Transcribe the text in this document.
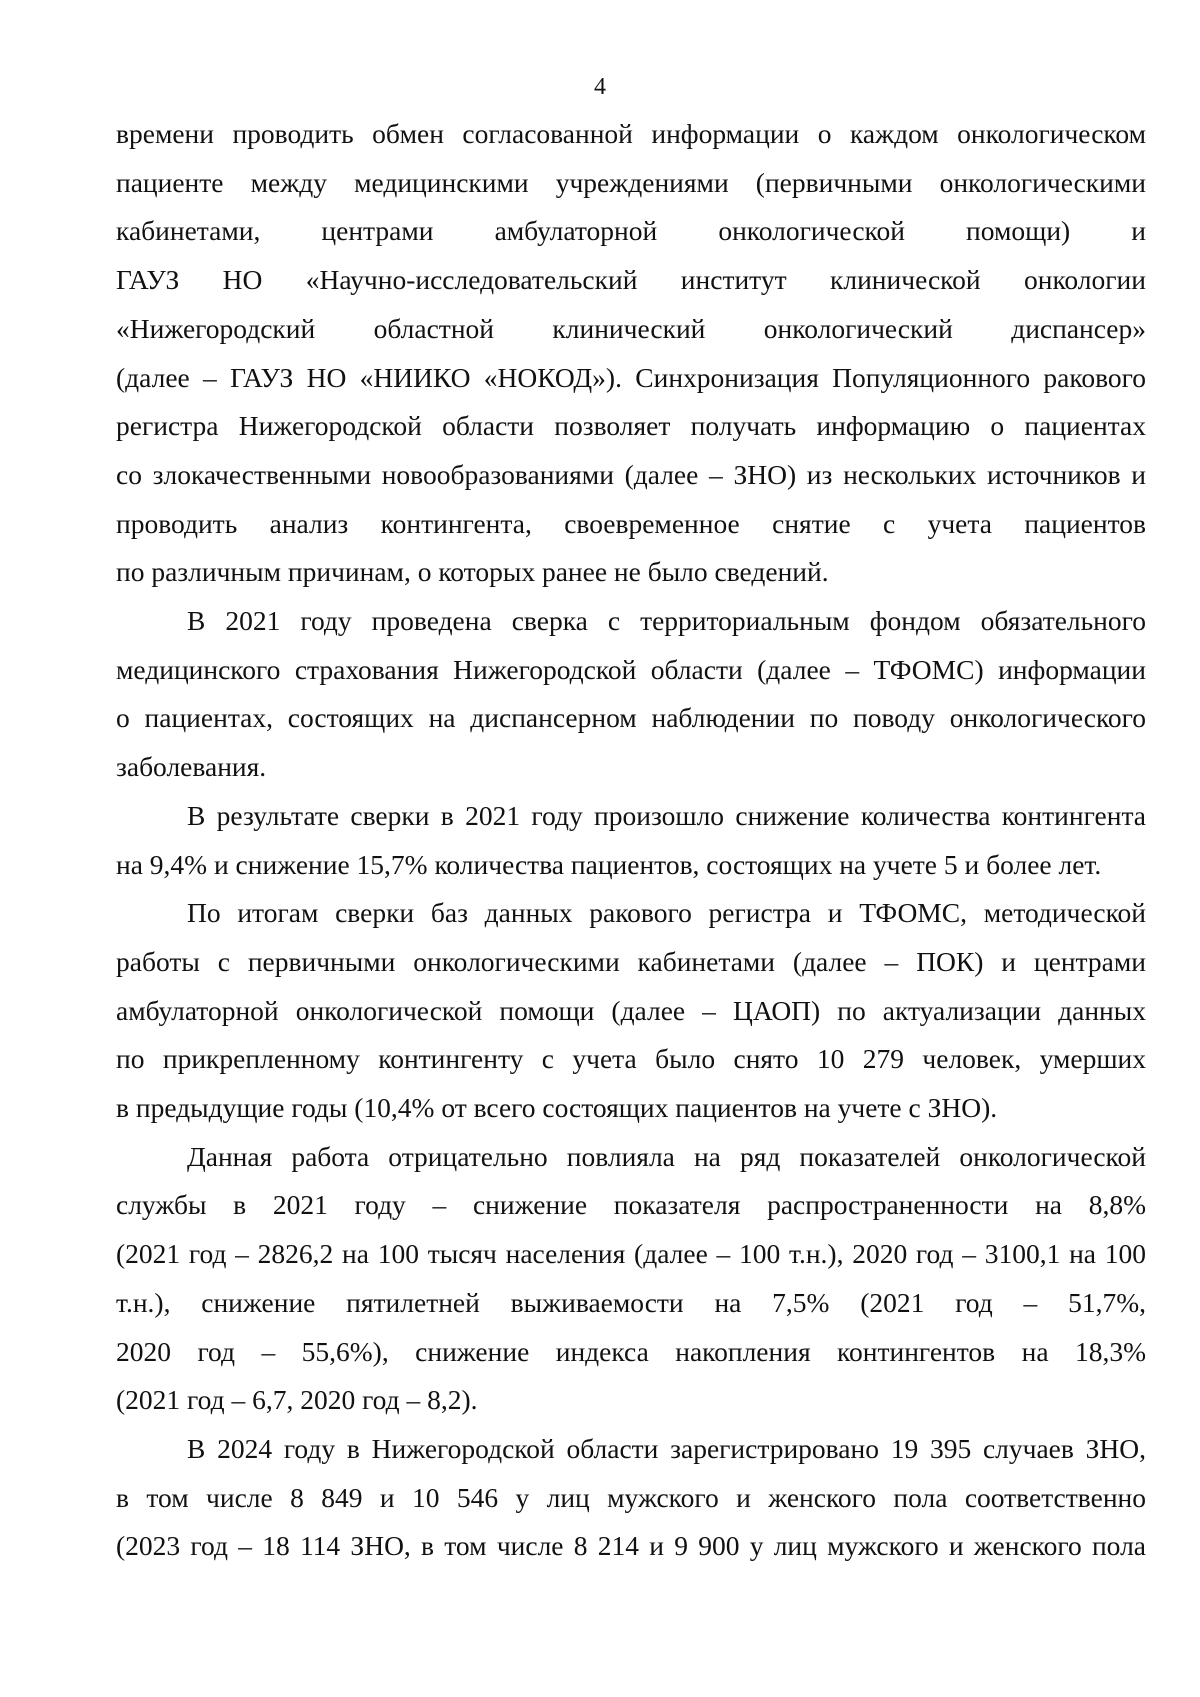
4

времени проводить обмен согласованной информации о каждом онкологическом
пациенте между медицинскими учреждениями (первичными онкологическими
кабинетами, центрами амбулаторной онкологической помощи) и
ГАУЗ НО «Научно-исследовательский институт клинической онкологии
«Нижегородский областной клинический онкологический диспансер»
(далее – ГАУЗ НО «НИИКО «НОКОД»). Синхронизация Популяционного ракового
регистра Нижегородской области позволяет получать информацию о пациентах
со злокачественными новообразованиями (далее – ЗНО) из нескольких источников и
проводить анализ контингента, своевременное снятие с учета пациентов
по различным причинам, о которых ранее не было сведений.

В 2021 году проведена сверка с территориальным фондом обязательного
медицинского страхования Нижегородской области (далее – ТФОМС) информации
о пациентах, состоящих на диспансерном наблюдении по поводу онкологического
заболевания.

В результате сверки в 2021 году произошло снижение количества контингента
на 9,4% и снижение 15,7% количества пациентов, состоящих на учете 5 и более лет.

По итогам сверки баз данных ракового регистра и ТФОМС, методической
работы с первичными онкологическими кабинетами (далее – ПОК) и центрами
амбулаторной онкологической помощи (далее – ЦАОП) по актуализации данных
по прикрепленному контингенту с учета было снято 10 279 человек, умерших
в предыдущие годы (10,4% от всего состоящих пациентов на учете с ЗНО).

Данная работа отрицательно повлияла на ряд показателей онкологической
службы в 2021 году – снижение показателя распространенности на 8,8%
(2021 год – 2826,2 на 100 тысяч населения (далее – 100 т.н.), 2020 год – 3100,1 на 100
т.н.), снижение пятилетней выживаемости на 7,5% (2021 год – 51,7%,
2020 год – 55,6%), снижение индекса накопления контингентов на 18,3%
(2021 год – 6,7, 2020 год – 8,2).

В 2024 году в Нижегородской области зарегистрировано 19 395 случаев ЗНО,
в том числе 8 849 и 10 546 у лиц мужского и женского пола соответственно
(2023 год – 18 114 ЗНО, в том числе 8 214 и 9 900 у лиц мужского и женского пола
